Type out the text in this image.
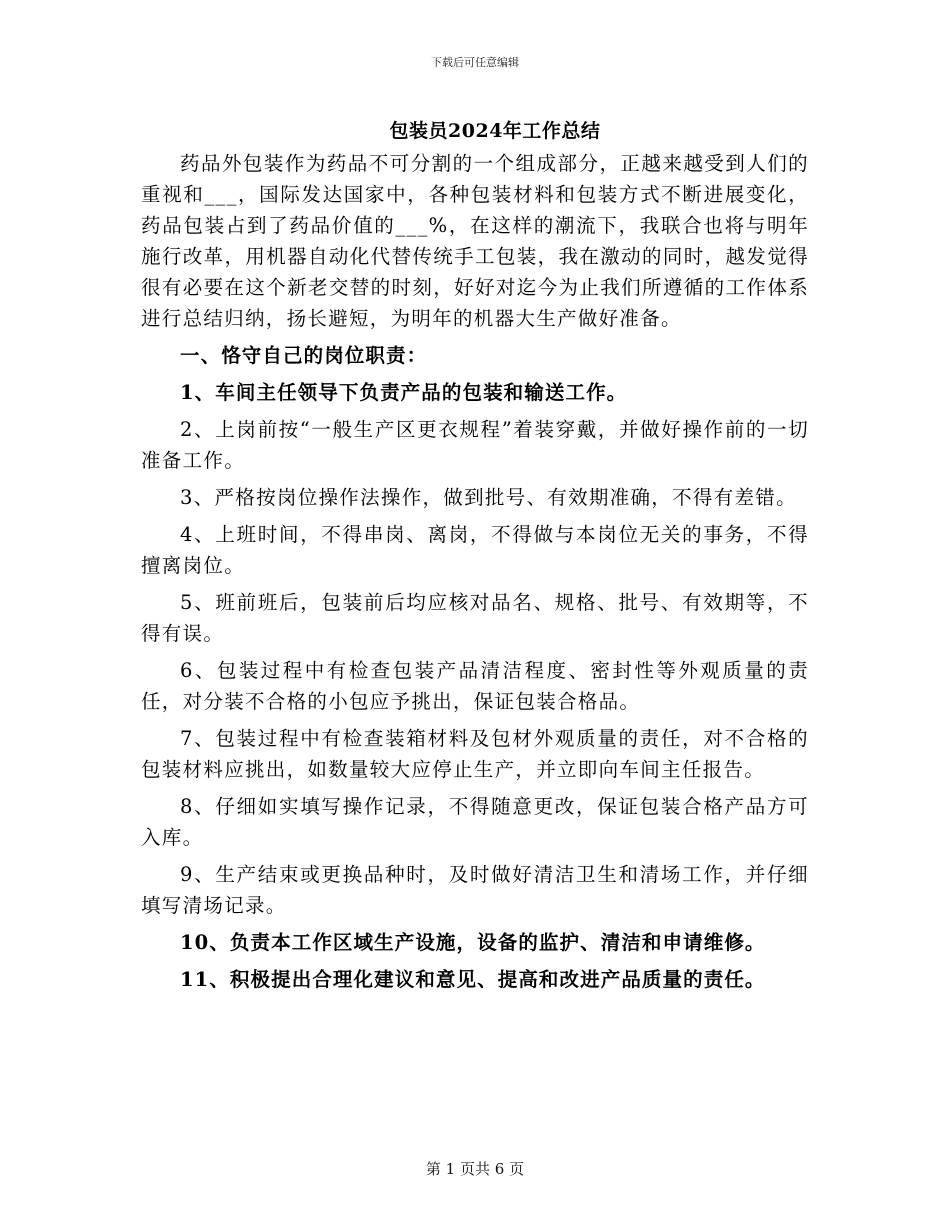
下载后可任意编辑
包装员2024年工作总结

药品外包装作为药品不可分割的一个组成部分，正越来越受到人们的重视和___，国际发达国家中，各种包装材料和包装方式不断进展变化，药品包装占到了药品价值的___%，在这样的潮流下，我联合也将与明年施行改革，用机器自动化代替传统手工包装，我在激动的同时，越发觉得很有必要在这个新老交替的时刻，好好对迄今为止我们所遵循的工作体系进行总结归纳，扬长避短，为明年的机器大生产做好准备。

一、恪守自己的岗位职责：

1、车间主任领导下负责产品的包装和输送工作。

2、上岗前按“一般生产区更衣规程”着装穿戴，并做好操作前的一切准备工作。

3、严格按岗位操作法操作，做到批号、有效期准确，不得有差错。

4、上班时间，不得串岗、离岗，不得做与本岗位无关的事务，不得擅离岗位。

5、班前班后，包装前后均应核对品名、规格、批号、有效期等，不得有误。

6、包装过程中有检查包装产品清洁程度、密封性等外观质量的责任，对分装不合格的小包应予挑出，保证包装合格品。

7、包装过程中有检查装箱材料及包材外观质量的责任，对不合格的包装材料应挑出，如数量较大应停止生产，并立即向车间主任报告。

8、仔细如实填写操作记录，不得随意更改，保证包装合格产品方可入库。

9、生产结束或更换品种时，及时做好清洁卫生和清场工作，并仔细填写清场记录。

10、负责本工作区域生产设施，设备的监护、清洁和申请维修。

11、积极提出合理化建议和意见、提高和改进产品质量的责任。

第 1 页共 6 页
